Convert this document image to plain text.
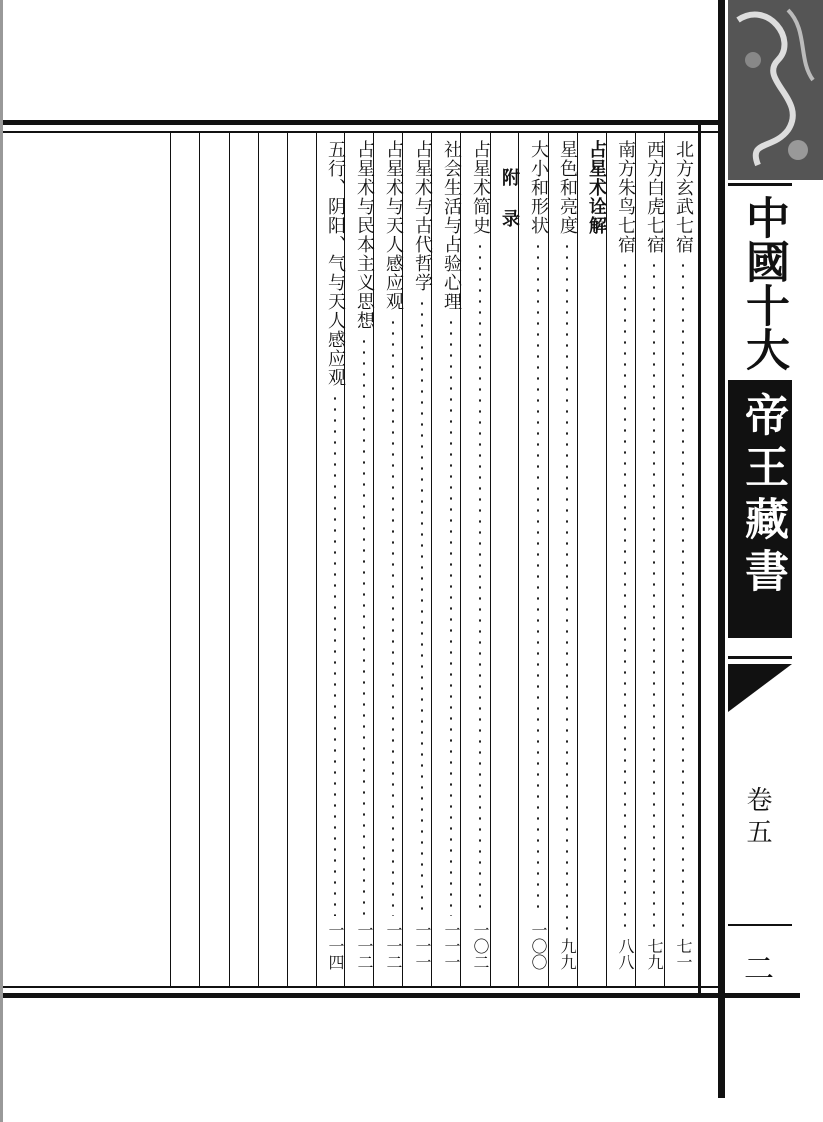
北方玄武七宿
七一
西方白虎七宿
七九
南方朱鸟七宿
八八
占星术诠解
星色和亮度
九九
大小和形状
一〇〇
附 录
占星术简史
一〇二
社会生活与占验心理
一一一
占星术与古代哲学
一一一
占星术与天人感应观
一一二
占星术与民本主义思想
一一二
五行、阴阳、气与天人感应观
一一四
中國十大
帝王藏書
卷五
二
